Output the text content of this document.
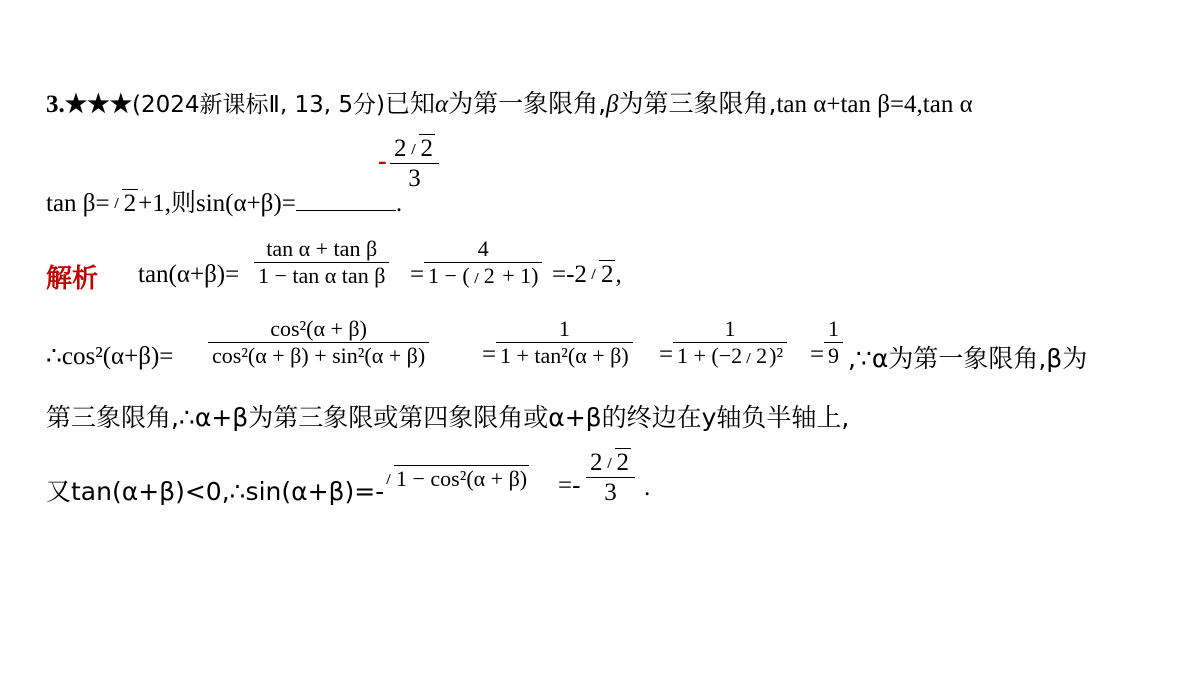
3.★★★(2024新课标Ⅱ, 13, 5分)已知α为第一象限角,β为第三象限角,tan α+tan β=4,tan α
- 2 2
3
tan β= 2+1,则sin(α+β)=	.
解析 tan(α+β)=
tan α + tan β
1 − tan α tan β =
4
1 − ( 2 + 1) =-2 2,
∴cos²(α+β)=
cos²(α + β)
cos²(α + β) + sin²(α + β) =
1
1 + tan²(α + β) =
1
1 + (−2 2)² =
1
9 ,∵α为第一象限角,β为
第三象限角,∴α+β为第三象限或第四象限角或α+β的终边在y轴负半轴上,
又tan(α+β)<0,∴sin(α+β)=- 1 − cos²(α + β) =-
2 2
3 .
